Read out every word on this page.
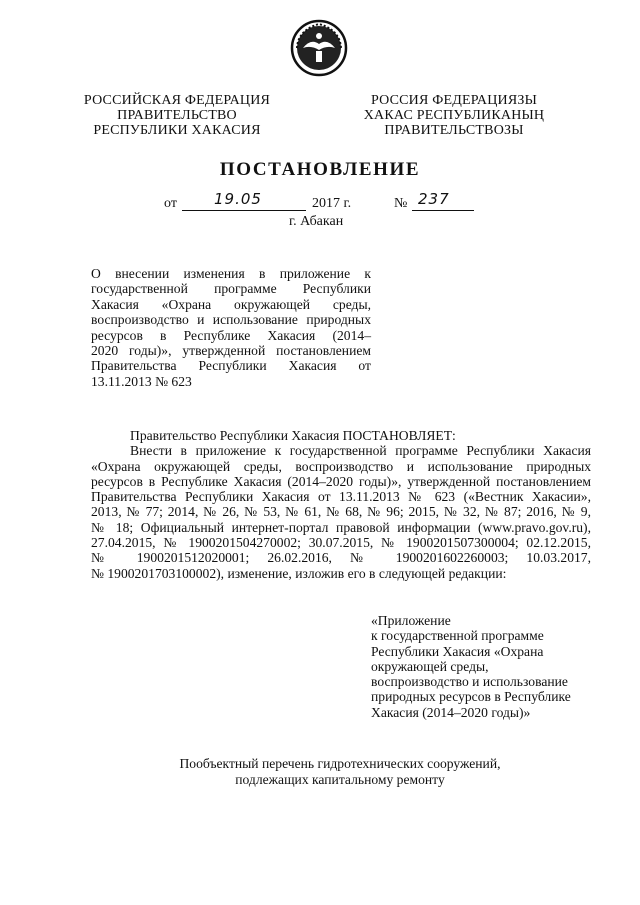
РОССИЙСКАЯ ФЕДЕРАЦИЯ
ПРАВИТЕЛЬСТВО
РЕСПУБЛИКИ ХАКАСИЯ
РОССИЯ ФЕДЕРАЦИЯЗЫ
ХАКАС РЕСПУБЛИКАНЫҢ
ПРАВИТЕЛЬСТВОЗЫ
ПОСТАНОВЛЕНИЕ
от 19.05	2017 г.	№ 237
г. Абакан
О внесении изменения в приложение к
государственной программе Республики
Хакасия «Охрана окружающей среды,
воспроизводство и использование природных
ресурсов в Республике Хакасия (2014–
2020 годы)», утвержденной постановлением
Правительства Республики Хакасия от
13.11.2013 № 623

Правительство Республики Хакасия ПОСТАНОВЛЯЕТ:

Внести в приложение к государственной программе Республики Хакасия

«Охрана окружающей среды, воспроизводство и использование природных

ресурсов в Республике Хакасия (2014–2020 годы)», утвержденной постановлением

Правительства Республики Хакасия от 13.11.2013 № 623 («Вестник Хакасии»,

2013, № 77; 2014, № 26, № 53, № 61, № 68, № 96; 2015, № 32, № 87; 2016, № 9,

№ 18; Официальный интернет-портал правовой информации (www.pravo.gov.ru),

27.04.2015, № 1900201504270002; 30.07.2015, № 1900201507300004; 02.12.2015,

№ 1900201512020001; 26.02.2016, № 1900201602260003; 10.03.2017,

№ 1900201703100002), изменение, изложив его в следующей редакции:

«Приложение
к государственной программе
Республики Хакасия «Охрана
окружающей среды,
воспроизводство и использование
природных ресурсов в Республике
Хакасия (2014–2020 годы)»
Пообъектный перечень гидротехнических сооружений,
подлежащих капитальному ремонту
